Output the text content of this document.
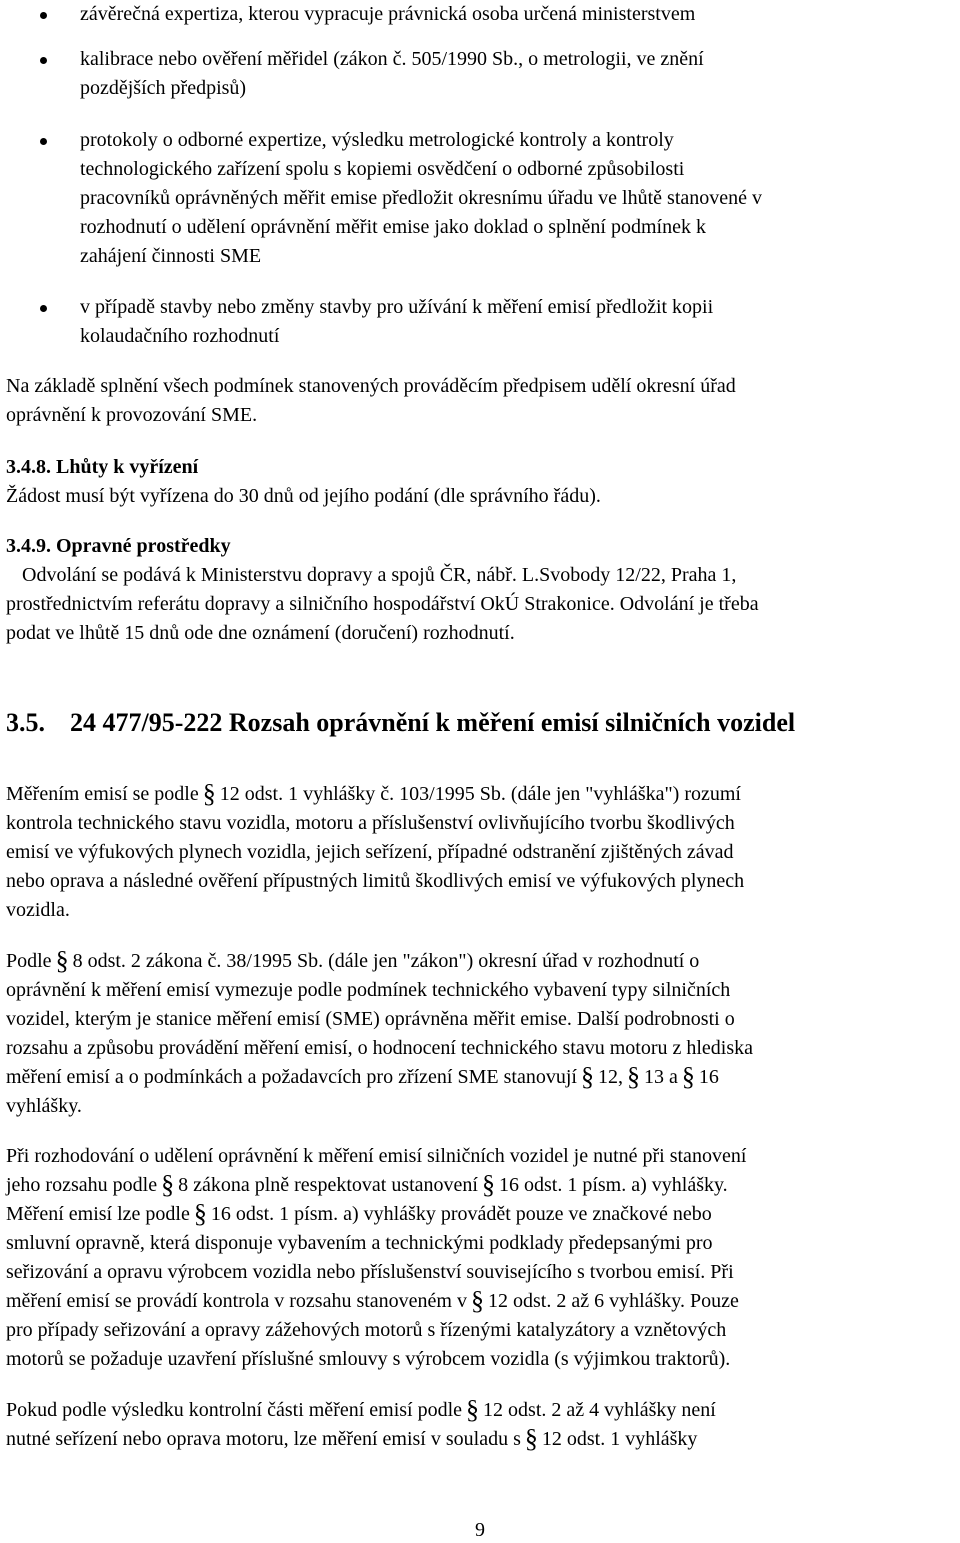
závěrečná expertiza, kterou vypracuje právnická osoba určená ministerstvem
kalibrace nebo ověření měřidel (zákon č. 505/1990 Sb., o metrologii, ve znění
pozdějších předpisů)
protokoly o odborné expertize, výsledku metrologické kontroly a kontroly
technologického zařízení spolu s kopiemi osvědčení o odborné způsobilosti
pracovníků oprávněných měřit emise předložit okresnímu úřadu ve lhůtě stanovené v
rozhodnutí o udělení oprávnění měřit emise jako doklad o splnění podmínek k
zahájení činnosti SME
v případě stavby nebo změny stavby pro užívání k měření emisí předložit kopii
kolaudačního rozhodnutí

Na základě splnění všech podmínek stanovených prováděcím předpisem udělí okresní úřad
oprávnění k provozování SME.

3.4.8. Lhůty k vyřízení
Žádost musí být vyřízena do 30 dnů od jejího podání (dle správního řádu).

3.4.9. Opravné prostředky
Odvolání se podává k Ministerstvu dopravy a spojů ČR, nábř. L.Svobody 12/22, Praha 1,
prostřednictvím referátu dopravy a silničního hospodářství OkÚ Strakonice. Odvolání je třeba
podat ve lhůtě 15 dnů ode dne oznámení (doručení) rozhodnutí.

3.5. 24 477/95-222 Rozsah oprávnění k měření emisí silničních vozidel

Měřením emisí se podle § 12 odst. 1 vyhlášky č. 103/1995 Sb. (dále jen "vyhláška") rozumí
kontrola technického stavu vozidla, motoru a příslušenství ovlivňujícího tvorbu škodlivých
emisí ve výfukových plynech vozidla, jejich seřízení, případné odstranění zjištěných závad
nebo oprava a následné ověření přípustných limitů škodlivých emisí ve výfukových plynech
vozidla.

Podle § 8 odst. 2 zákona č. 38/1995 Sb. (dále jen "zákon") okresní úřad v rozhodnutí o
oprávnění k měření emisí vymezuje podle podmínek technického vybavení typy silničních
vozidel, kterým je stanice měření emisí (SME) oprávněna měřit emise. Další podrobnosti o
rozsahu a způsobu provádění měření emisí, o hodnocení technického stavu motoru z hlediska
měření emisí a o podmínkách a požadavcích pro zřízení SME stanovují § 12, § 13 a § 16
vyhlášky.

Při rozhodování o udělení oprávnění k měření emisí silničních vozidel je nutné při stanovení
jeho rozsahu podle § 8 zákona plně respektovat ustanovení § 16 odst. 1 písm. a) vyhlášky.
Měření emisí lze podle § 16 odst. 1 písm. a) vyhlášky provádět pouze ve značkové nebo
smluvní opravně, která disponuje vybavením a technickými podklady předepsanými pro
seřizování a opravu výrobcem vozidla nebo příslušenství souvisejícího s tvorbou emisí. Při
měření emisí se provádí kontrola v rozsahu stanoveném v § 12 odst. 2 až 6 vyhlášky. Pouze
pro případy seřizování a opravy zážehových motorů s řízenými katalyzátory a vznětových
motorů se požaduje uzavření příslušné smlouvy s výrobcem vozidla (s výjimkou traktorů).

Pokud podle výsledku kontrolní části měření emisí podle § 12 odst. 2 až 4 vyhlášky není
nutné seřízení nebo oprava motoru, lze měření emisí v souladu s § 12 odst. 1 vyhlášky

9
